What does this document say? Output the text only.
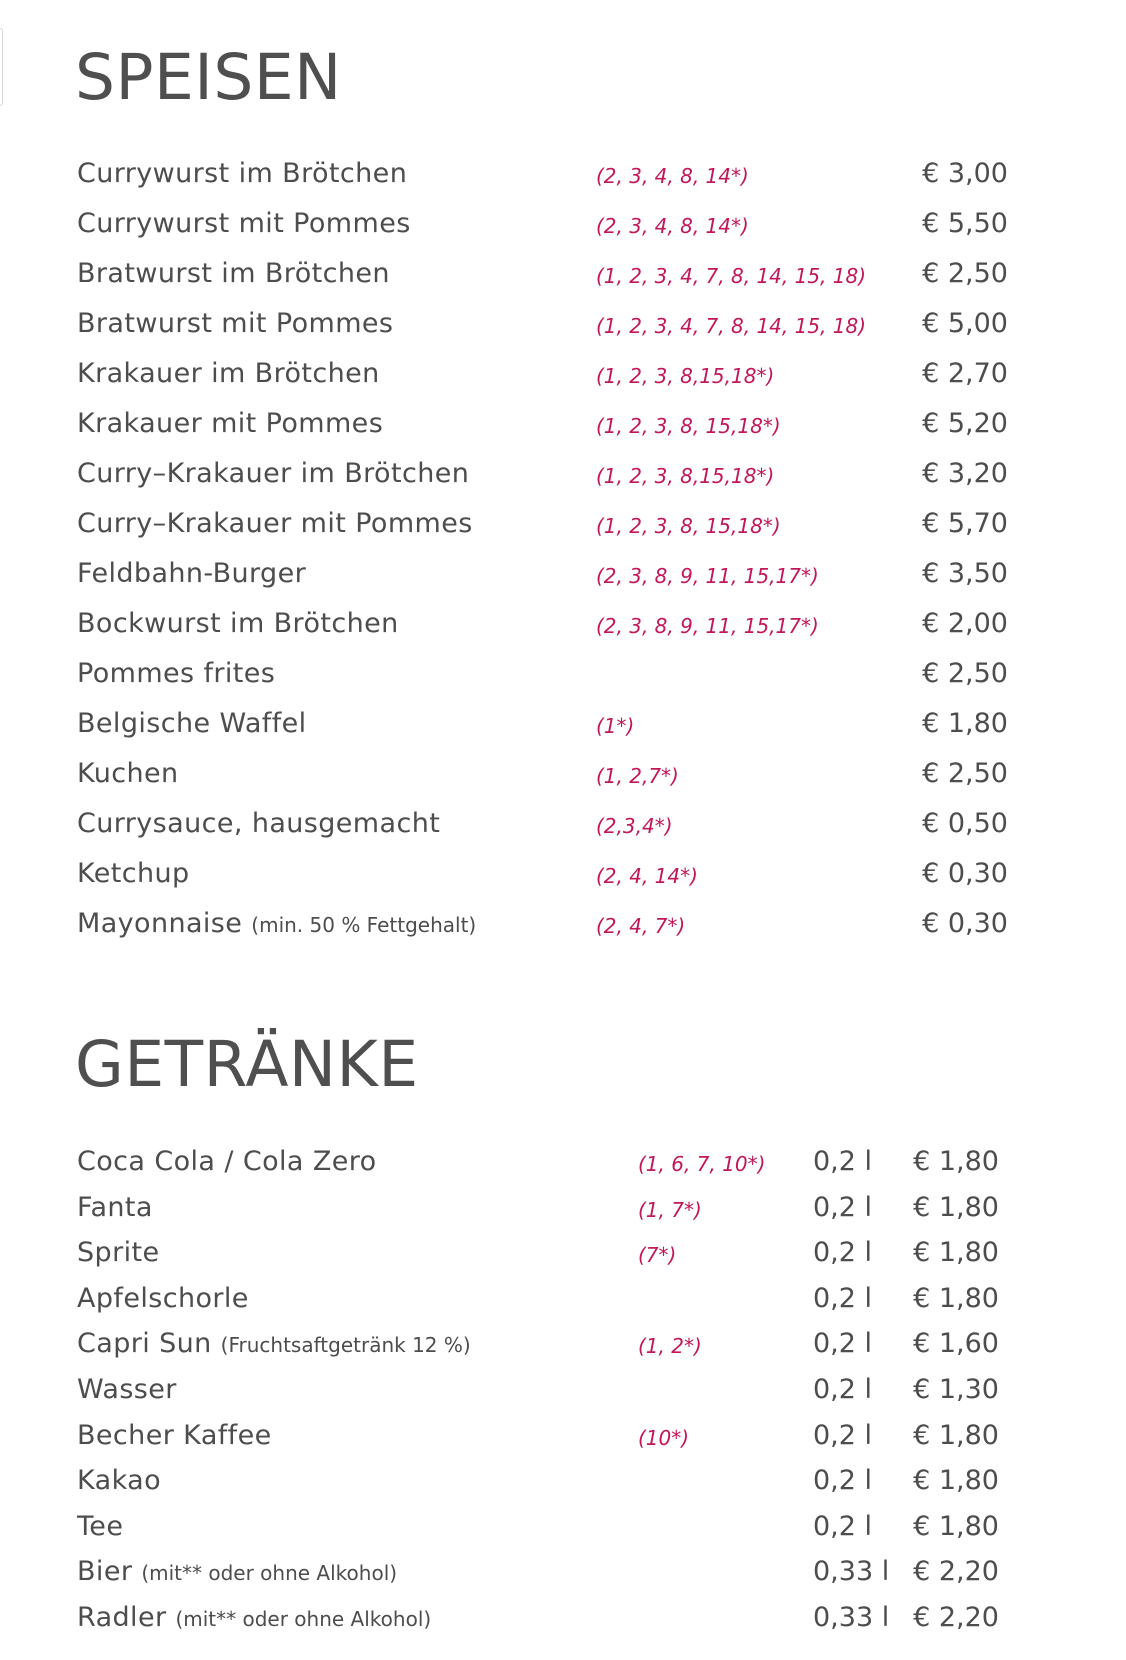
SPEISEN
Currywurst im Brötchen	(2, 3, 4, 8, 14*)	€ 3,00
Currywurst mit Pommes	(2, 3, 4, 8, 14*)	€ 5,50
Bratwurst im Brötchen	(1, 2, 3, 4, 7, 8, 14, 15, 18) € 2,50
Bratwurst mit Pommes	(1, 2, 3, 4, 7, 8, 14, 15, 18) € 5,00
Krakauer im Brötchen	(1, 2, 3, 8,15,18*)	€ 2,70
Krakauer mit Pommes	(1, 2, 3, 8, 15,18*)	€ 5,20
Curry–Krakauer im Brötchen	(1, 2, 3, 8,15,18*)	€ 3,20
Curry–Krakauer mit Pommes	(1, 2, 3, 8, 15,18*)	€ 5,70
Feldbahn-Burger	(2, 3, 8, 9, 11, 15,17*)	€ 3,50
Bockwurst im Brötchen	(2, 3, 8, 9, 11, 15,17*)	€ 2,00
Pommes frites	€ 2,50
Belgische Waffel	(1*)	€ 1,80
Kuchen	(1, 2,7*)	€ 2,50
Currysauce, hausgemacht	(2,3,4*)	€ 0,50
Ketchup	(2, 4, 14*)	€ 0,30
Mayonnaise (min. 50 % Fettgehalt)	(2, 4, 7*)	€ 0,30
GETRÄNKE
Coca Cola / Cola Zero	(1, 6, 7, 10*) 0,2 l € 1,80
Fanta	(1, 7*)	0,2 l € 1,80
Sprite	(7*)	0,2 l € 1,80
Apfelschorle	0,2 l € 1,80
Capri Sun (Fruchtsaftgetränk 12 %)	(1, 2*)	0,2 l € 1,60
Wasser	0,2 l € 1,30
Becher Kaffee	(10*)	0,2 l € 1,80
Kakao	0,2 l € 1,80
Tee	0,2 l € 1,80
Bier (mit** oder ohne Alkohol)	0,33 l € 2,20
Radler (mit** oder ohne Alkohol)	0,33 l € 2,20
